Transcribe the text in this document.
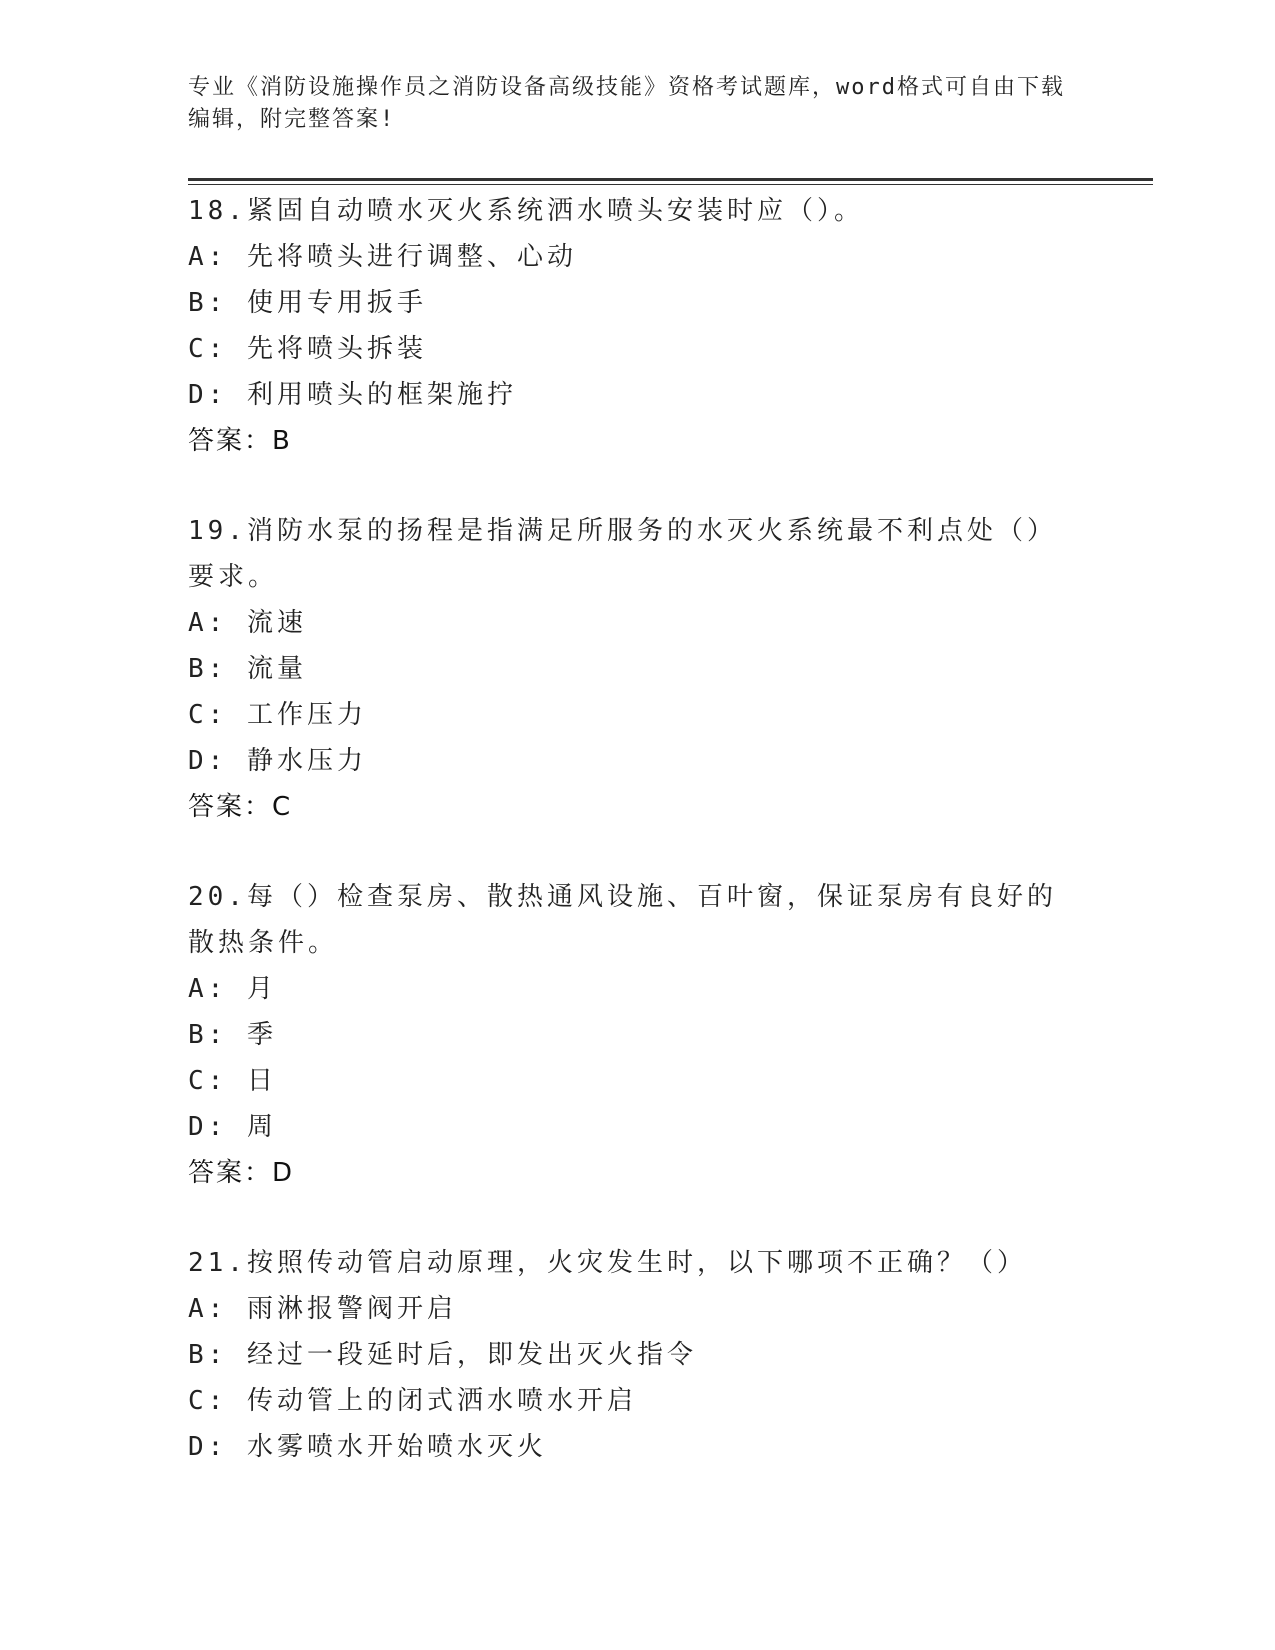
专业《消防设施操作员之消防设备高级技能》资格考试题库，word格式可自由下载编辑，附完整答案!
18.紧固自动喷水灭火系统洒水喷头安装时应（）。
A: 先将喷头进行调整、心动
B: 使用专用扳手
C: 先将喷头拆装
D: 利用喷头的框架施拧
答案：B
19.消防水泵的扬程是指满足所服务的水灭火系统最不利点处（）要求。
A: 流速
B: 流量
C: 工作压力
D: 静水压力
答案：C
20.每（）检查泵房、散热通风设施、百叶窗，保证泵房有良好的散热条件。
A: 月
B: 季
C: 日
D: 周
答案：D
21.按照传动管启动原理，火灾发生时，以下哪项不正确？（）
A: 雨淋报警阀开启
B: 经过一段延时后，即发出灭火指令
C: 传动管上的闭式洒水喷水开启
D: 水雾喷水开始喷水灭火
